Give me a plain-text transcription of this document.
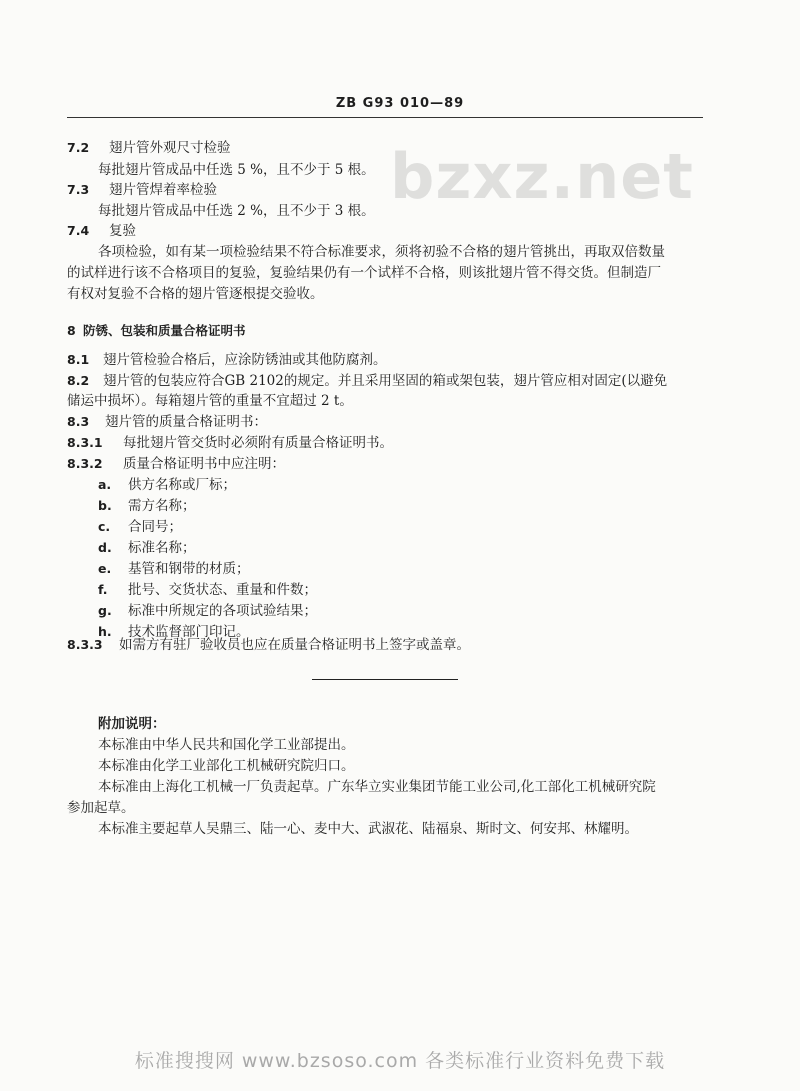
ZB G93 010—89
bzxz.net
7.2 翅片管外观尺寸检验
每批翅片管成品中任选 5 %，且不少于 5 根。
7.3 翅片管焊着率检验
每批翅片管成品中任选 2 %，且不少于 3 根。
7.4 复验
各项检验，如有某一项检验结果不符合标准要求，须将初验不合格的翅片管挑出，再取双倍数量
的试样进行该不合格项目的复验，复验结果仍有一个试样不合格，则该批翅片管不得交货。但制造厂
有权对复验不合格的翅片管逐根提交验收。
8 防锈、包装和质量合格证明书
8.1 翅片管检验合格后，应涂防锈油或其他防腐剂。
8.2 翅片管的包装应符合GB 2102的规定。并且采用坚固的箱或架包装，翅片管应相对固定(以避免
储运中损坏）。每箱翅片管的重量不宜超过 2 t。
8.3 翅片管的质量合格证明书：
8.3.1 每批翅片管交货时必须附有质量合格证明书。
8.3.2 质量合格证明书中应注明：
a. 供方名称或厂标；
b. 需方名称；
c. 合同号；
d. 标准名称；
e. 基管和钢带的材质；
f. 批号、交货状态、重量和件数；
g. 标准中所规定的各项试验结果；
h. 技术监督部门印记。
8.3.3 如需方有驻厂验收员也应在质量合格证明书上签字或盖章。
附加说明：
本标准由中华人民共和国化学工业部提出。
本标准由化学工业部化工机械研究院归口。
本标准由上海化工机械一厂负责起草。广东华立实业集团节能工业公司,化工部化工机械研究院
参加起草。
本标准主要起草人吴鼎三、陆一心、麦中大、武淑花、陆福泉、斯时文、何安邦、林耀明。
标准搜搜网 www.bzsoso.com 各类标准行业资料免费下载
